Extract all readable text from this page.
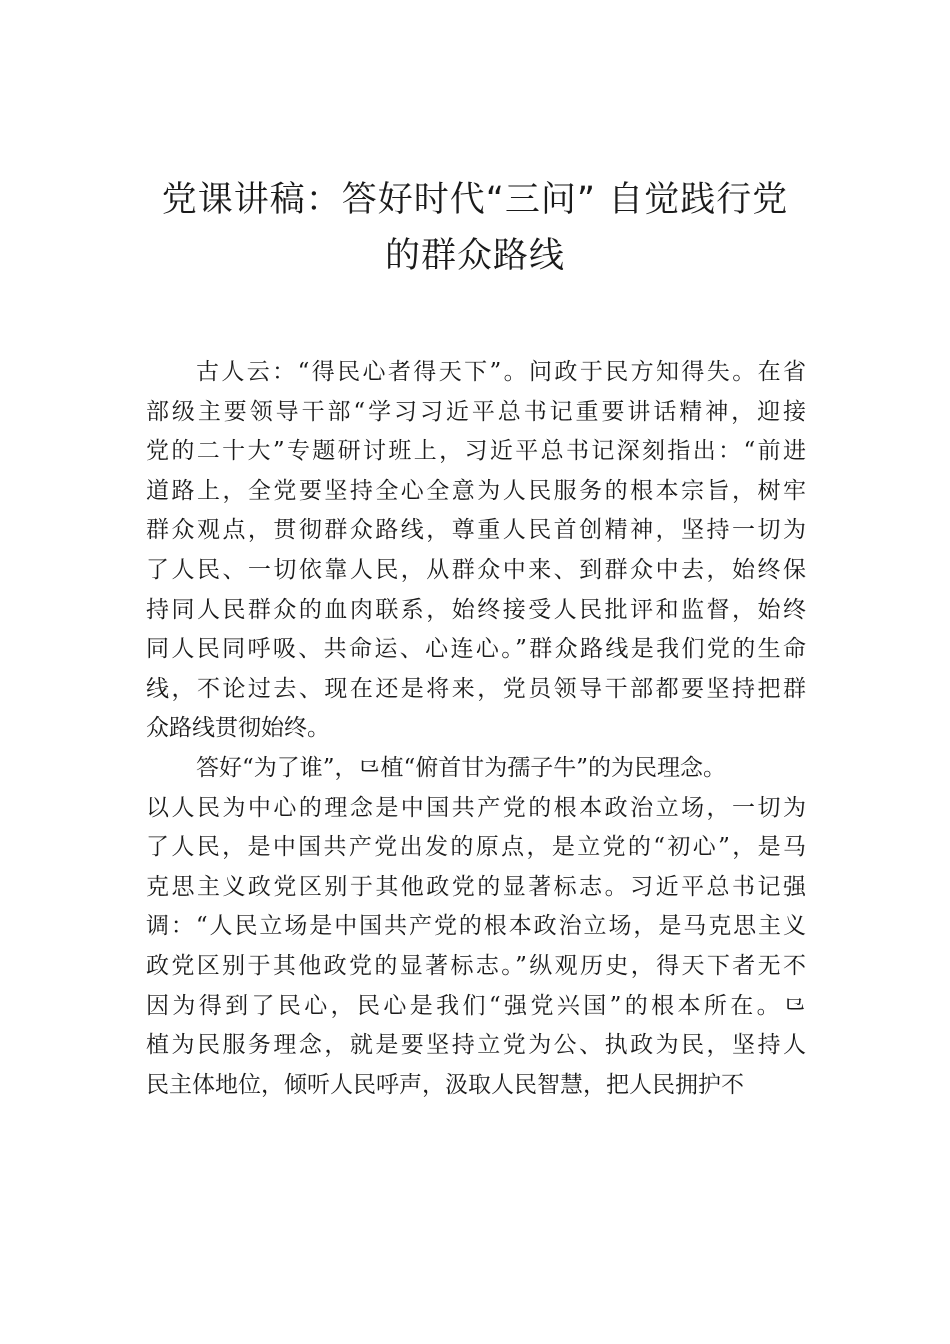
党课讲稿：答好时代“三问” 自觉践行党
的群众路线
古人云：“得民心者得天下”。问政于民方知得失。在省
部级主要领导干部“学习习近平总书记重要讲话精神，迎接
党的二十大”专题研讨班上，习近平总书记深刻指出：“前进
道路上，全党要坚持全心全意为人民服务的根本宗旨，树牢
群众观点，贯彻群众路线，尊重人民首创精神，坚持一切为
了人民、一切依靠人民，从群众中来、到群众中去，始终保
持同人民群众的血肉联系，始终接受人民批评和监督，始终
同人民同呼吸、共命运、心连心。”群众路线是我们党的生命
线，不论过去、现在还是将来，党员领导干部都要坚持把群
众路线贯彻始终。
答好“为了谁”，⺋植“俯首甘为孺子牛”的为民理念。
以人民为中心的理念是中国共产党的根本政治立场，一切为
了人民，是中国共产党出发的原点，是立党的“初心”，是马
克思主义政党区别于其他政党的显著标志。习近平总书记强
调：“人民立场是中国共产党的根本政治立场，是马克思主义
政党区别于其他政党的显著标志。”纵观历史，得天下者无不
因为得到了民心，民心是我们“强党兴国”的根本所在。⺋
植为民服务理念，就是要坚持立党为公、执政为民，坚持人
民主体地位，倾听人民呼声，汲取人民智慧，把人民拥护不
